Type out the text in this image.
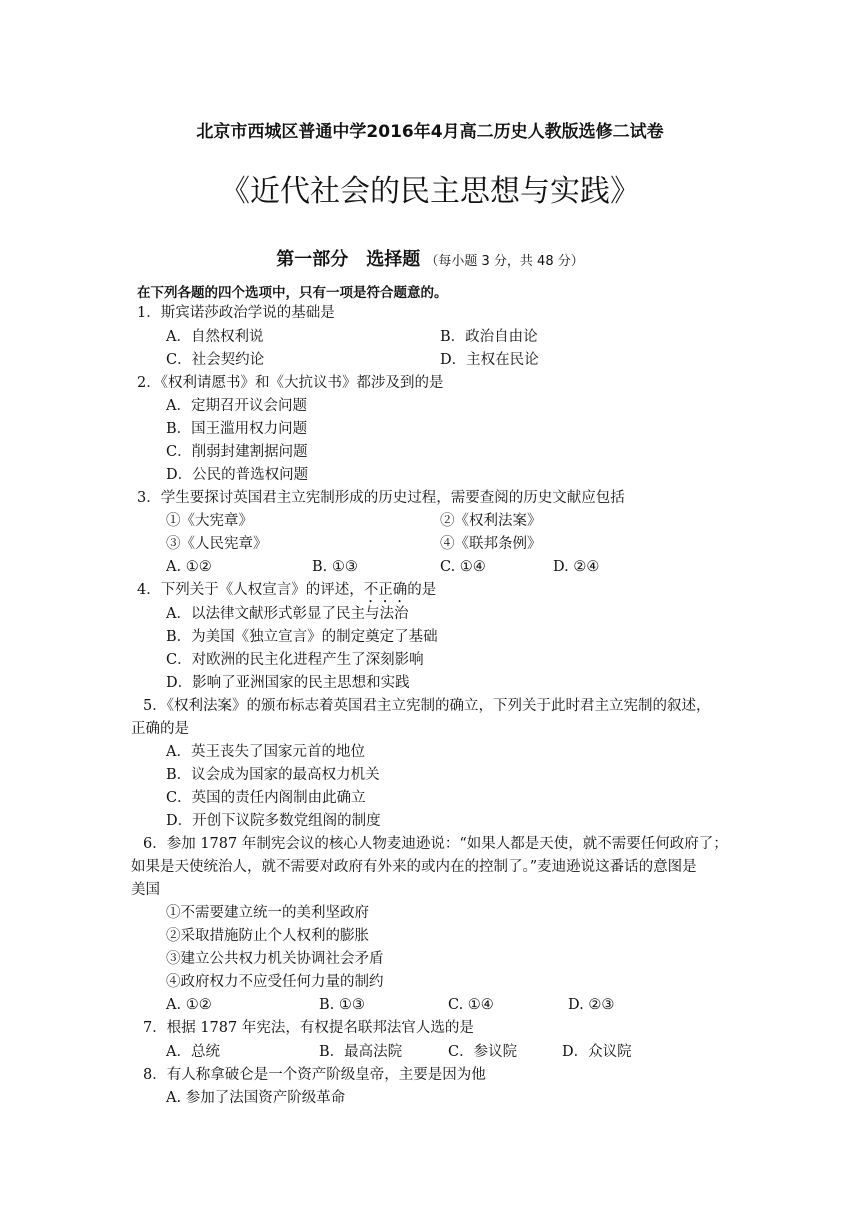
北京市西城区普通中学2016年4月高二历史人教版选修二试卷
《近代社会的民主思想与实践》
第一部分　选择题 （每小题 3 分，共 48 分）
在下列各题的四个选项中，只有一项是符合题意的。
1．斯宾诺莎政治学说的基础是
A．自然权利说	B．政治自由论
C．社会契约论	D．主权在民论
2．《权利请愿书》和《大抗议书》都涉及到的是
A．定期召开议会问题
B．国王滥用权力问题
C．削弱封建割据问题
D．公民的普选权问题
3．学生要探讨英国君主立宪制形成的历史过程，需要查阅的历史文献应包括
①《大宪章》	②《权利法案》
③《人民宪章》	④《联邦条例》
A. ①②	B. ①③	C. ①④	D. ②④
4．下列关于《人权宣言》的评述，不正确的是
A．以法律文献形式彰显了民主与法治
B．为美国《独立宣言》的制定奠定了基础
C．对欧洲的民主化进程产生了深刻影响
D．影响了亚洲国家的民主思想和实践
5．《权利法案》的颁布标志着英国君主立宪制的确立，下列关于此时君主立宪制的叙述，
正确的是
A．英王丧失了国家元首的地位
B．议会成为国家的最高权力机关
C．英国的责任内阁制由此确立
D．开创下议院多数党组阁的制度
6．参加 1787 年制宪会议的核心人物麦迪逊说：“如果人都是天使，就不需要任何政府了；
如果是天使统治人，就不需要对政府有外来的或内在的控制了。”麦迪逊说这番话的意图是
美国
①不需要建立统一的美利坚政府
②采取措施防止个人权利的膨胀
③建立公共权力机关协调社会矛盾
④政府权力不应受任何力量的制约
A. ①②	B. ①③	C. ①④	D. ②③
7．根据 1787 年宪法，有权提名联邦法官人选的是
A．总统	B．最高法院	C．参议院	D．众议院
8．有人称拿破仑是一个资产阶级皇帝，主要是因为他
A. 参加了法国资产阶级革命
